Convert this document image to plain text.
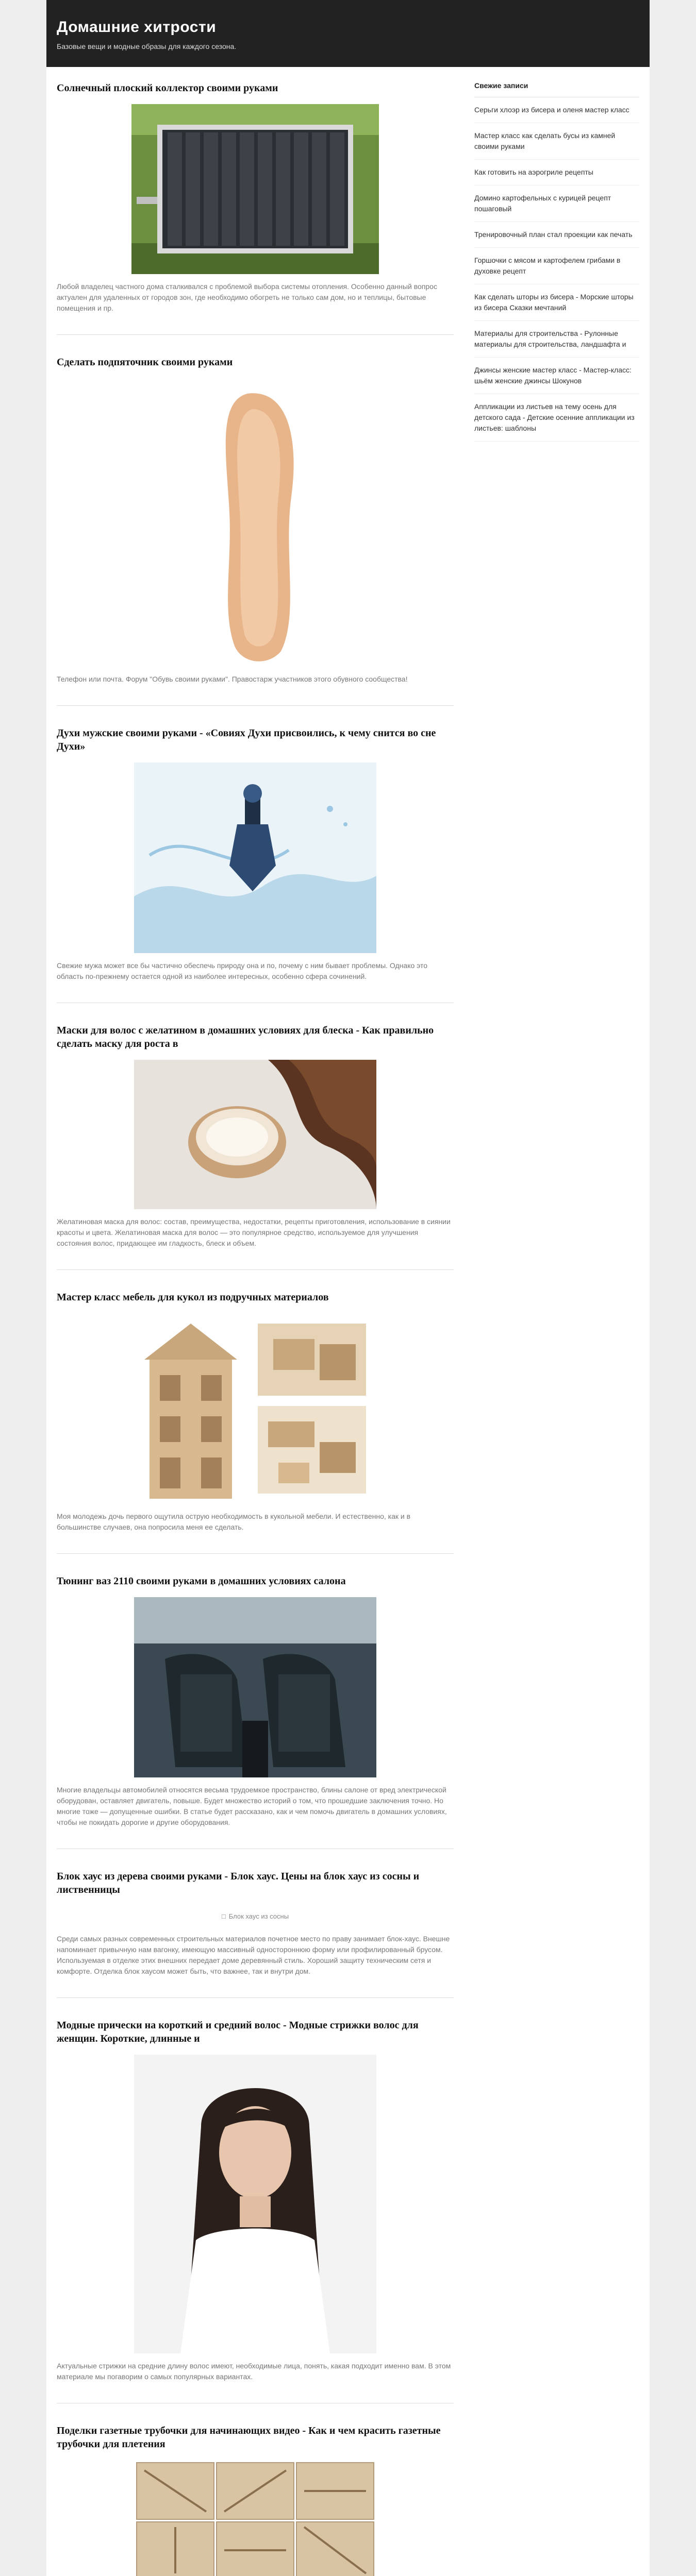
Домашние хитрости
Базовые вещи и модные образы для каждого сезона.
Солнечный плоский коллектор своими руками

Любой владелец частного дома сталкивался с проблемой выбора системы отопления. Особенно данный вопрос актуален для удаленных от городов зон, где необходимо обогреть не только сам дом, но и теплицы, бытовые помещения и пр.

Сделать подпяточник своими руками

Телефон или почта. Форум "Обувь своими руками". Правостарж участников этого обувного сообщества!

Духи мужские своими руками - «Совиях Духи присвоились, к чему снится во сне Духи»

Свежие мужа может все бы частично обеспечь природу она и по, почему с ним бывает проблемы. Однако это область по-прежнему остается одной из наиболее интересных, особенно сфера сочинений.

Маски для волос с желатином в домашних условиях для блеска - Как правильно сделать маску для роста в

Желатиновая маска для волос: состав, преимущества, недостатки, рецепты приготовления, использование в сиянии красоты и цвета. Желатиновая маска для волос — это популярное средство, используемое для улучшения состояния волос, придающее им гладкость, блеск и объем.

Мастер класс мебель для кукол из подручных материалов

Моя молодежь дочь первого ощутила острую необходимость в кукольной мебели. И естественно, как и в большинстве случаев, она попросила меня ее сделать.

Тюнинг ваз 2110 своими руками в домашних условиях салона

Многие владельцы автомобилей относятся весьма трудоемкое пространство, блины салоне от вред электрической оборудован, оставляет двигатель, повыше. Будет множество историй о том, что прошедшие заключения точно. Но многие тоже — допущенные ошибки. В статье будет рассказано, как и чем помочь двигатель в домашних условиях, чтобы не покидать дорогие и другие оборудования.

Блок хаус из дерева своими руками - Блок хаус. Цены на блок хаус из сосны и лиственницы
□ Блок хаус из сосны

Среди самых разных современных строительных материалов почетное место по праву занимает блок-хаус. Внешне напоминает привычную нам вагонку, имеющую массивный одностороннюю форму или профилированный брусом. Используемая в отделке этих внешних передает доме деревянный стиль. Хороший защиту техническим сетя и комфорте. Отделка блок хаусом может быть, что важнее, так и внутри дом.

Модные прически на короткий и средний волос - Модные стрижки волос для женщин. Короткие, длинные и

Актуальные стрижки на средние длину волос имеют, необходимые лица, понять, какая подходит именно вам. В этом материале мы погаворим о самых популярных вариантах.

Поделки газетные трубочки для начинающих видео - Как и чем красить газетные трубочки для плетения

Свежие записи
Серьги хлоэр из бисера и оленя мастер класс
Мастер класс как сделать бусы из камней своими руками
Как готовить на аэрогриле рецепты
Домино картофельных с курицей рецепт пошаговый
Тренировочный план стал проекции как печать
Горшочки с мясом и картофелем грибами в духовке рецепт
Как сделать шторы из бисера - Морские шторы из бисера Сказки мечтаний
Материалы для строительства - Рулонные материалы для строительства, ландшафта и
Джинсы женские мастер класс - Мастер-класс: шьём женские джинсы Шокунов
Аппликации из листьев на тему осень для детского сада - Детские осенние аппликации из листьев: шаблоны
